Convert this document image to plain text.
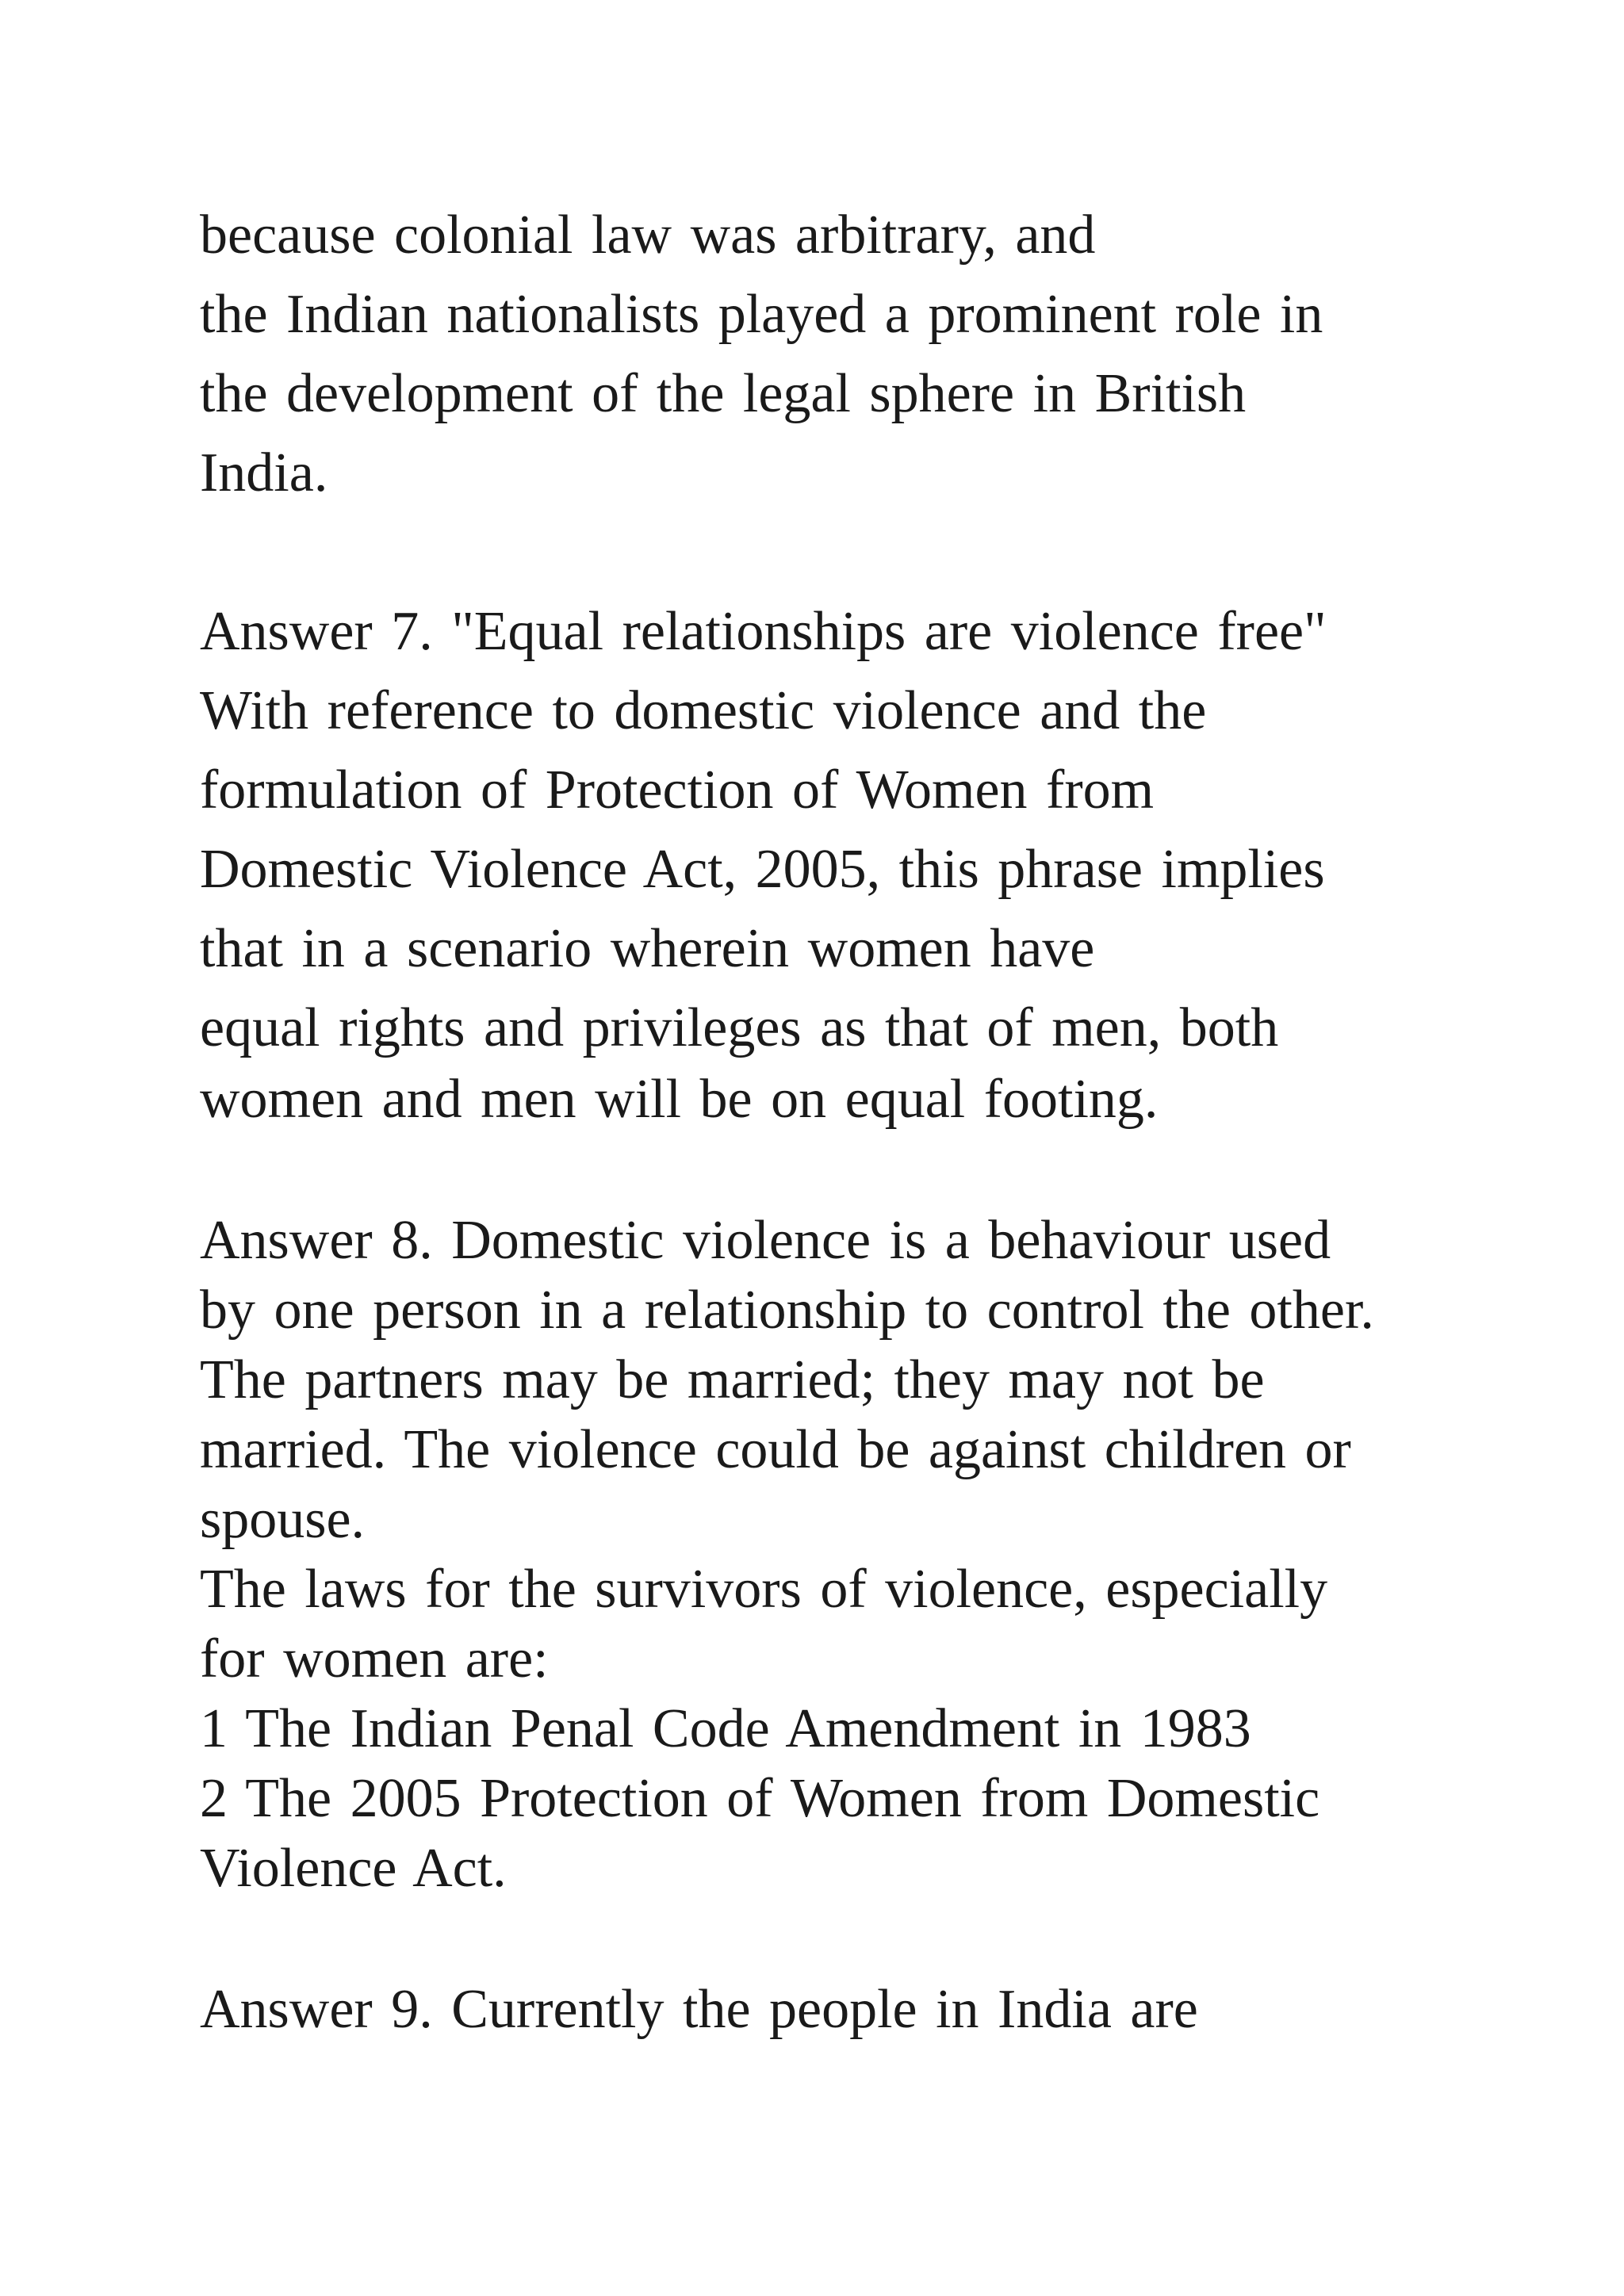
because colonial law was arbitrary, and
the Indian nationalists played a prominent role in
the development of the legal sphere in British
India.
Answer 7. "Equal relationships are violence free"
With reference to domestic violence and the
formulation of Protection of Women from
Domestic Violence Act, 2005, this phrase implies
that in a scenario wherein women have
equal rights and privileges as that of men, both
women and men will be on equal footing.
Answer 8. Domestic violence is a behaviour used
by one person in a relationship to control the other.
The partners may be married; they may not be
married. The violence could be against children or
spouse.
The laws for the survivors of violence, especially
for women are:
1 The Indian Penal Code Amendment in 1983
2 The 2005 Protection of Women from Domestic
Violence Act.
Answer 9. Currently the people in India are
